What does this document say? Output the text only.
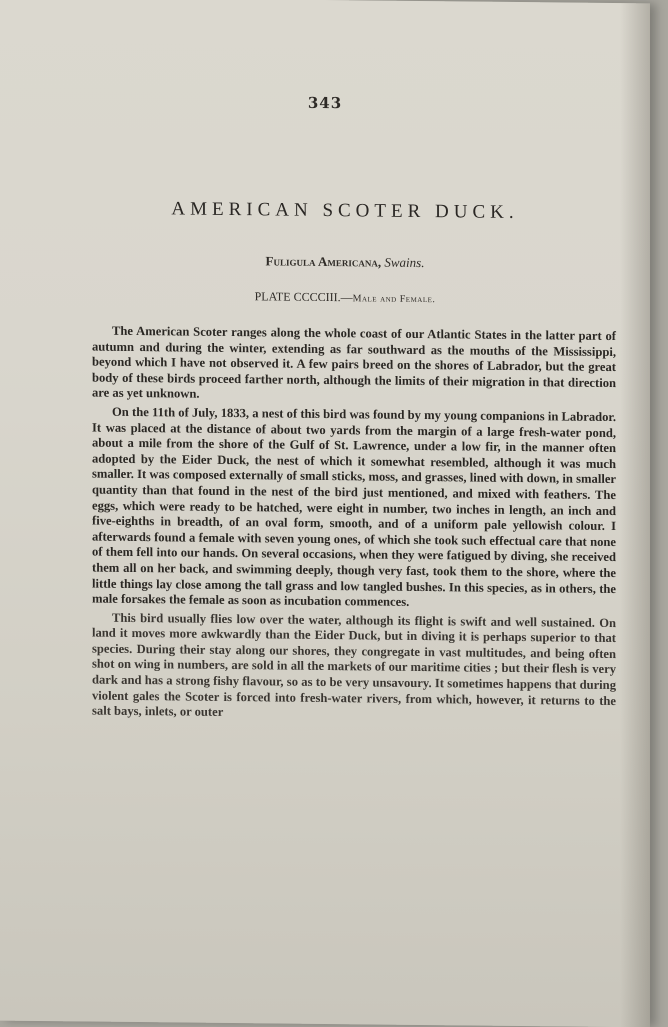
343
AMERICAN SCOTER DUCK.
Fuligula Americana, Swains.
PLATE CCCCIII.—Male and Female.

The American Scoter ranges along the whole coast of our Atlantic States in the latter part of autumn and during the winter, extending as far southward as the mouths of the Mississippi, beyond which I have not observed it. A few pairs breed on the shores of Labrador, but the great body of these birds proceed farther north, although the limits of their migration in that direction are as yet unknown.

On the 11th of July, 1833, a nest of this bird was found by my young companions in Labrador. It was placed at the distance of about two yards from the margin of a large fresh-water pond, about a mile from the shore of the Gulf of St. Lawrence, under a low fir, in the manner often adopted by the Eider Duck, the nest of which it somewhat resembled, although it was much smaller. It was composed externally of small sticks, moss, and grasses, lined with down, in smaller quantity than that found in the nest of the bird just mentioned, and mixed with feathers. The eggs, which were ready to be hatched, were eight in number, two inches in length, an inch and five-eighths in breadth, of an oval form, smooth, and of a uniform pale yellowish colour. I afterwards found a female with seven young ones, of which she took such effectual care that none of them fell into our hands. On several occasions, when they were fatigued by diving, she received them all on her back, and swimming deeply, though very fast, took them to the shore, where the little things lay close among the tall grass and low tangled bushes. In this species, as in others, the male forsakes the female as soon as incubation commences.

This bird usually flies low over the water, although its flight is swift and well sustained. On land it moves more awkwardly than the Eider Duck, but in diving it is perhaps superior to that species. During their stay along our shores, they congregate in vast multitudes, and being often shot on wing in numbers, are sold in all the markets of our maritime cities ; but their flesh is very dark and has a strong fishy flavour, so as to be very unsavoury. It sometimes happens that during violent gales the Scoter is forced into fresh-water rivers, from which, however, it returns to the salt bays, inlets, or outer
